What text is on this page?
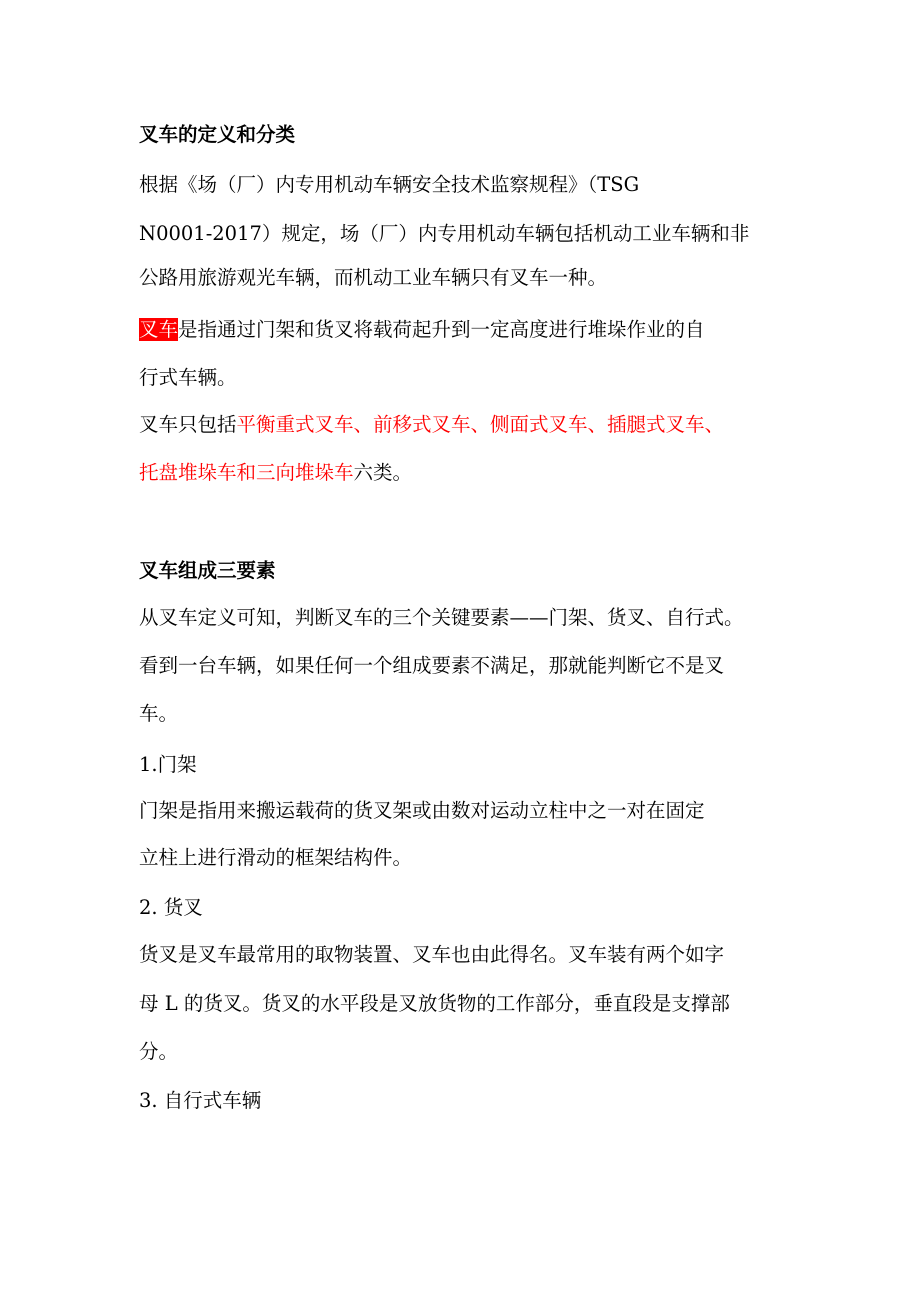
叉车的定义和分类
根据《场（厂）内专用机动车辆安全技术监察规程》（TSG
N0001-2017）规定，场（厂）内专用机动车辆包括机动工业车辆和非
公路用旅游观光车辆，而机动工业车辆只有叉车一种。
叉车是指通过门架和货叉将载荷起升到一定高度进行堆垛作业的自
行式车辆。
叉车只包括平衡重式叉车、前移式叉车、侧面式叉车、插腿式叉车、
托盘堆垛车和三向堆垛车六类。
叉车组成三要素
从叉车定义可知，判断叉车的三个关键要素——门架、货叉、自行式。
看到一台车辆，如果任何一个组成要素不满足，那就能判断它不是叉
车。
1.门架
门架是指用来搬运载荷的货叉架或由数对运动立柱中之一对在固定
立柱上进行滑动的框架结构件。
2. 货叉
货叉是叉车最常用的取物装置、叉车也由此得名。叉车装有两个如字
母 L 的货叉。货叉的水平段是叉放货物的工作部分，垂直段是支撑部
分。
3. 自行式车辆
